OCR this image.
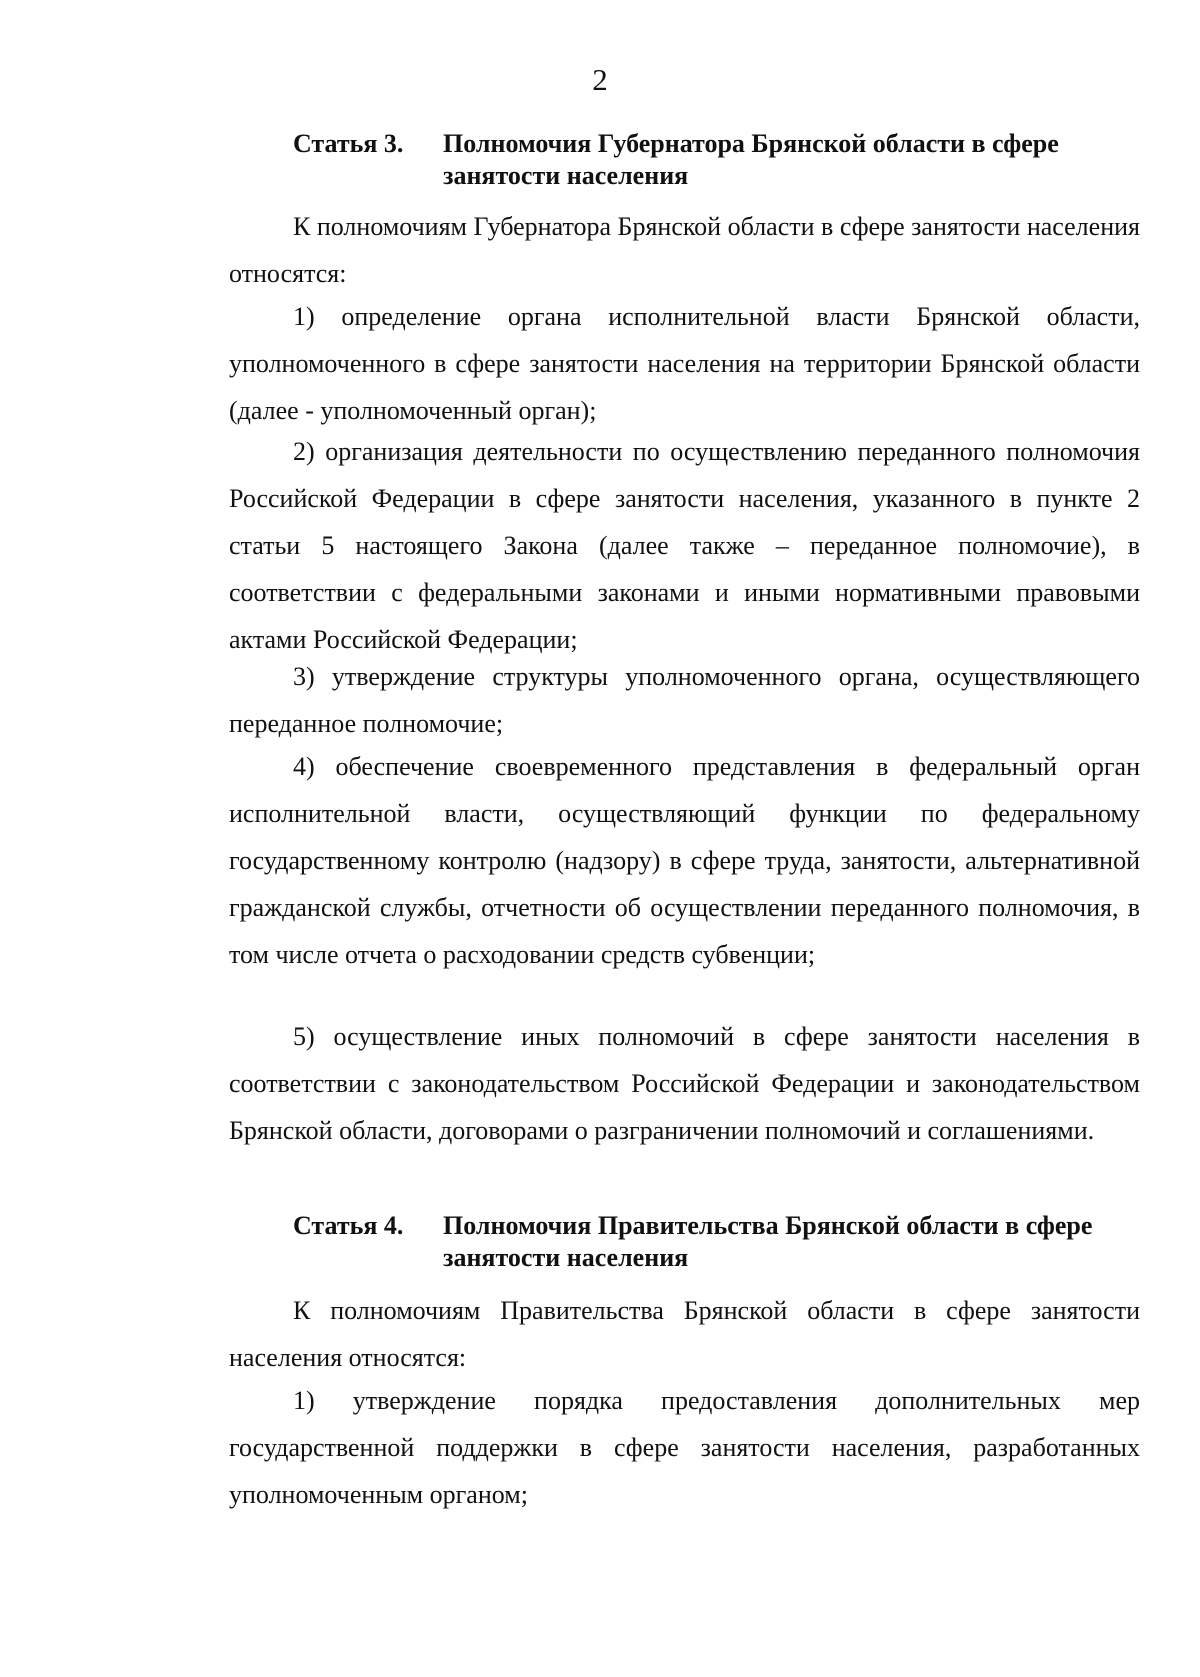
2
Статья 3.	Полномочия Губернатора Брянской области в сфере занятости населения

К полномочиям Губернатора Брянской области в сфере занятости населения относятся:

1) определение органа исполнительной власти Брянской области, уполномоченного в сфере занятости населения на территории Брянской области (далее - уполномоченный орган);

2) организация деятельности по осуществлению переданного полномочия Российской Федерации в сфере занятости населения, указанного в пункте 2 статьи 5 настоящего Закона (далее также – переданное полномочие), в соответствии с федеральными законами и иными нормативными правовыми актами Российской Федерации;

3) утверждение структуры уполномоченного органа, осуществляющего переданное полномочие;

4) обеспечение своевременного представления в федеральный орган исполнительной власти, осуществляющий функции по федеральному государственному контролю (надзору) в сфере труда, занятости, альтернативной гражданской службы, отчетности об осуществлении переданного полномочия, в том числе отчета о расходовании средств субвенции;

5) осуществление иных полномочий в сфере занятости населения в соответствии с законодательством Российской Федерации и законодательством Брянской области, договорами о разграничении полномочий и соглашениями.

Статья 4.	Полномочия Правительства Брянской области в сфере занятости населения

К полномочиям Правительства Брянской области в сфере занятости населения относятся:

1) утверждение порядка предоставления дополнительных мер государственной поддержки в сфере занятости населения, разработанных уполномоченным органом;
